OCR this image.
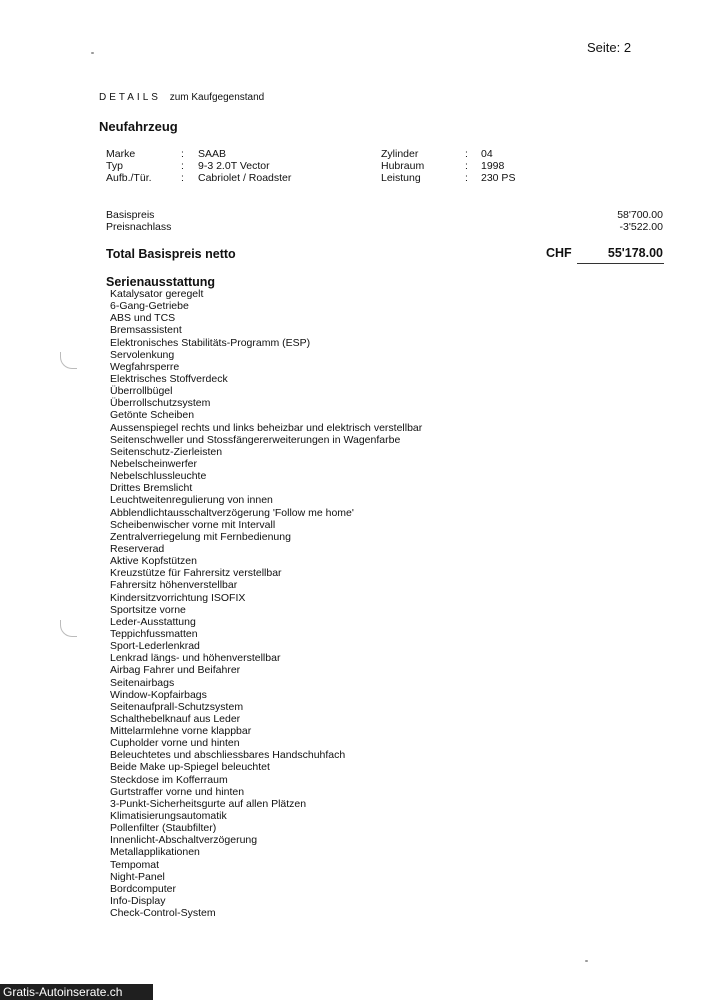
Seite: 2
DETAILS zum Kaufgegenstand
Neufahrzeug
Marke	: SAAB
Typ	: 9-3 2.0T Vector
Aufb./Tür.	: Cabriolet / Roadster
Zylinder	: 04
Hubraum	: 1998
Leistung	: 230 PS
Basispreis	58'700.00
Preisnachlass	-3'522.00
Total Basispreis netto	CHF	55'178.00
Serienausstattung
Katalysator geregelt
6-Gang-Getriebe
ABS und TCS
Bremsassistent
Elektronisches Stabilitäts-Programm (ESP)
Servolenkung
Wegfahrsperre
Elektrisches Stoffverdeck
Überrollbügel
Überrollschutzsystem
Getönte Scheiben
Aussenspiegel rechts und links beheizbar und elektrisch verstellbar
Seitenschweller und Stossfängererweiterungen in Wagenfarbe
Seitenschutz-Zierleisten
Nebelscheinwerfer
Nebelschlussleuchte
Drittes Bremslicht
Leuchtweitenregulierung von innen
Abblendlichtausschaltverzögerung 'Follow me home'
Scheibenwischer vorne mit Intervall
Zentralverriegelung mit Fernbedienung
Reserverad
Aktive Kopfstützen
Kreuzstütze für Fahrersitz verstellbar
Fahrersitz höhenverstellbar
Kindersitzvorrichtung ISOFIX
Sportsitze vorne
Leder-Ausstattung
Teppichfussmatten
Sport-Lederlenkrad
Lenkrad längs- und höhenverstellbar
Airbag Fahrer und Beifahrer
Seitenairbags
Window-Kopfairbags
Seitenaufprall-Schutzsystem
Schalthebelknauf aus Leder
Mittelarmlehne vorne klappbar
Cupholder vorne und hinten
Beleuchtetes und abschliessbares Handschuhfach
Beide Make up-Spiegel beleuchtet
Steckdose im Kofferraum
Gurtstraffer vorne und hinten
3-Punkt-Sicherheitsgurte auf allen Plätzen
Klimatisierungsautomatik
Pollenfilter (Staubfilter)
Innenlicht-Abschaltverzögerung
Metallapplikationen
Tempomat
Night-Panel
Bordcomputer
Info-Display
Check-Control-System
Gratis-Autoinserate.ch
